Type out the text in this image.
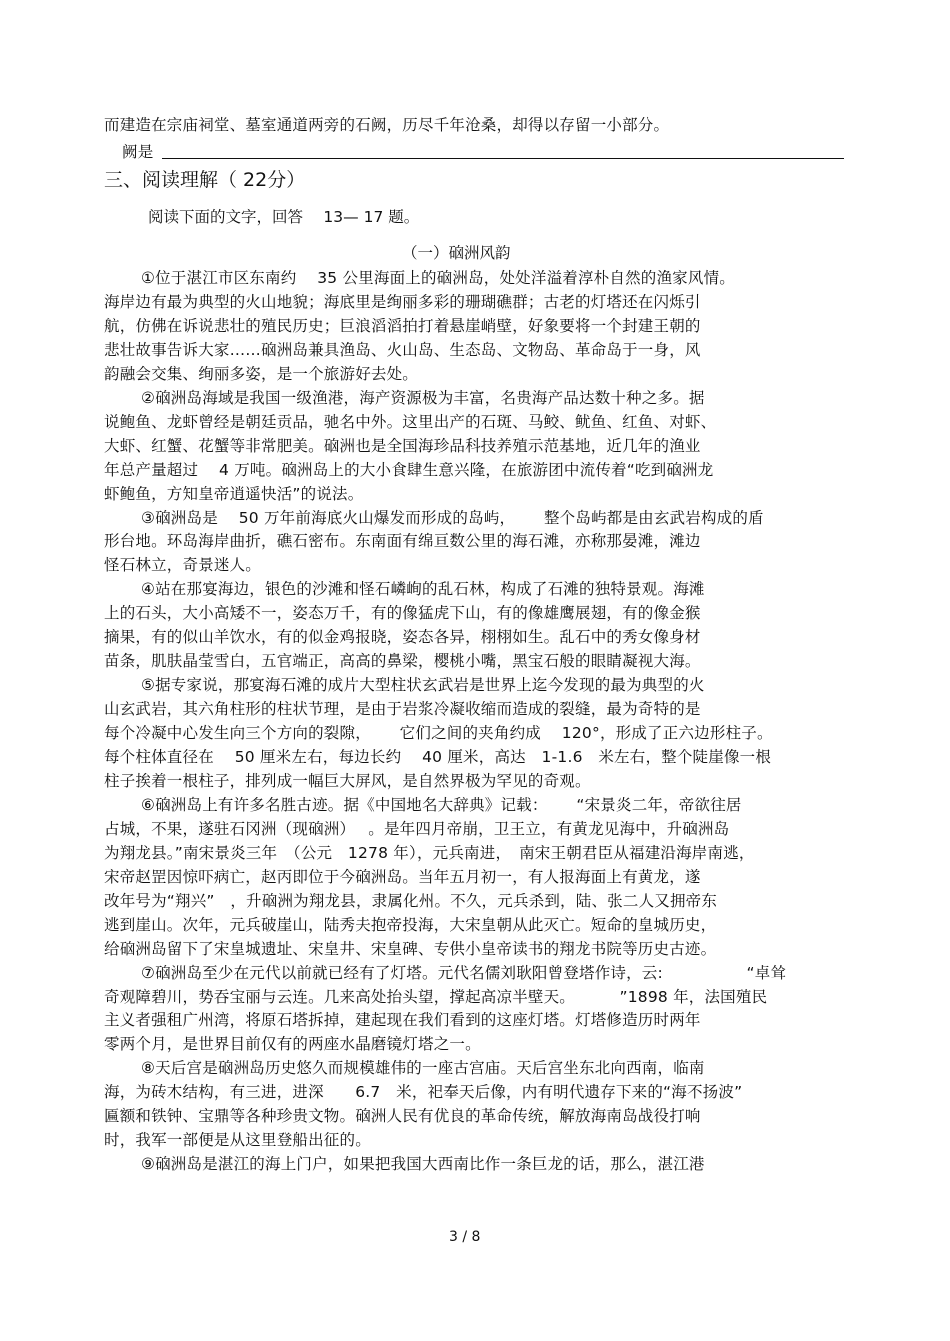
而建造在宗庙祠堂、墓室通道两旁的石阙，历尽千年沧桑，却得以存留一小部分。
阙是
三、阅读理解（ 22分）
阅读下面的文字，回答　 13— 17 题。
（一）硇洲风韵
①位于湛江市区东南约　 35 公里海面上的硇洲岛，处处洋溢着淳朴自然的渔家风情。
海岸边有最为典型的火山地貌；海底里是绚丽多彩的珊瑚礁群；古老的灯塔还在闪烁引
航，仿佛在诉说悲壮的殖民历史；巨浪滔滔拍打着悬崖峭壁，好象要将一个封建王朝的
悲壮故事告诉大家……硇洲岛兼具渔岛、火山岛、生态岛、文物岛、革命岛于一身，风
韵融会交集、绚丽多姿，是一个旅游好去处。
②硇洲岛海域是我国一级渔港，海产资源极为丰富，名贵海产品达数十种之多。据
说鲍鱼、龙虾曾经是朝廷贡品，驰名中外。这里出产的石斑、马鲛、鱿鱼、红鱼、对虾、
大虾、红蟹、花蟹等非常肥美。硇洲也是全国海珍品科技养殖示范基地，近几年的渔业
年总产量超过　 4 万吨。硇洲岛上的大小食肆生意兴隆，在旅游团中流传着“吃到硇洲龙
虾鲍鱼，方知皇帝逍遥快活”的说法。
③硇洲岛是　 50 万年前海底火山爆发而形成的岛屿，　　 整个岛屿都是由玄武岩构成的盾
形台地。环岛海岸曲折，礁石密布。东南面有绵亘数公里的海石滩，亦称那晏滩，滩边
怪石林立，奇景迷人。
④站在那宴海边，银色的沙滩和怪石嶙峋的乱石林，构成了石滩的独特景观。海滩
上的石头，大小高矮不一，姿态万千，有的像猛虎下山，有的像雄鹰展翅，有的像金猴
摘果，有的似山羊饮水，有的似金鸡报晓，姿态各异，栩栩如生。乱石中的秀女像身材
苗条，肌肤晶莹雪白，五官端正，高高的鼻梁，樱桃小嘴，黑宝石般的眼睛凝视大海。
⑤据专家说，那宴海石滩的成片大型柱状玄武岩是世界上迄今发现的最为典型的火
山玄武岩，其六角柱形的柱状节理，是由于岩浆冷凝收缩而造成的裂缝，最为奇特的是
每个冷凝中心发生向三个方向的裂隙，　　 它们之间的夹角约成　 120°，形成了正六边形柱子。
每个柱体直径在　 50 厘米左右，每边长约　 40 厘米，高达　1-1.6　米左右，整个陡崖像一根
柱子挨着一根柱子，排列成一幅巨大屏风，是自然界极为罕见的奇观。
⑥硇洲岛上有许多名胜古迹。据《中国地名大辞典》记载：　　 “宋景炎二年，帝欲往居
占城，不果，遂驻石冈洲（现硇洲）　 。是年四月帝崩，卫王立，有黄龙见海中，升硇洲岛
为翔龙县。”南宋景炎三年　（公元　1278 年），元兵南进，　南宋王朝君臣从福建沿海岸南逃，
宋帝赵罡因惊吓病亡，赵丙即位于今硇洲岛。当年五月初一，有人报海面上有黄龙，遂
改年号为“翔兴”　，升硇洲为翔龙县，隶属化州。不久，元兵杀到，陆、张二人又拥帝东
逃到崖山。次年，元兵破崖山，陆秀夫抱帝投海，大宋皇朝从此灭亡。短命的皇城历史，
给硇洲岛留下了宋皇城遗址、宋皇井、宋皇碑、专供小皇帝读书的翔龙书院等历史古迹。
⑦硇洲岛至少在元代以前就已经有了灯塔。元代名儒刘耿阳曾登塔作诗，云:　　　　　 “卓耸
奇观障碧川，势吞宝丽与云连。几来高处抬头望，撑起高凉半壁天。　　　 ”1898 年，法国殖民
主义者强租广州湾，将原石塔拆掉，建起现在我们看到的这座灯塔。灯塔修造历时两年
零两个月，是世界目前仅有的两座水晶磨镜灯塔之一。
⑧天后宫是硇洲岛历史悠久而规模雄伟的一座古宫庙。天后宫坐东北向西南，临南
海，为砖木结构，有三进，进深　　6.7　米，祀奉天后像，内有明代遗存下来的“海不扬波”
匾额和铁钟、宝鼎等各种珍贵文物。硇洲人民有优良的革命传统，解放海南岛战役打响
时，我军一部便是从这里登船出征的。
⑨硇洲岛是湛江的海上门户，如果把我国大西南比作一条巨龙的话，那么，湛江港
3 / 8
